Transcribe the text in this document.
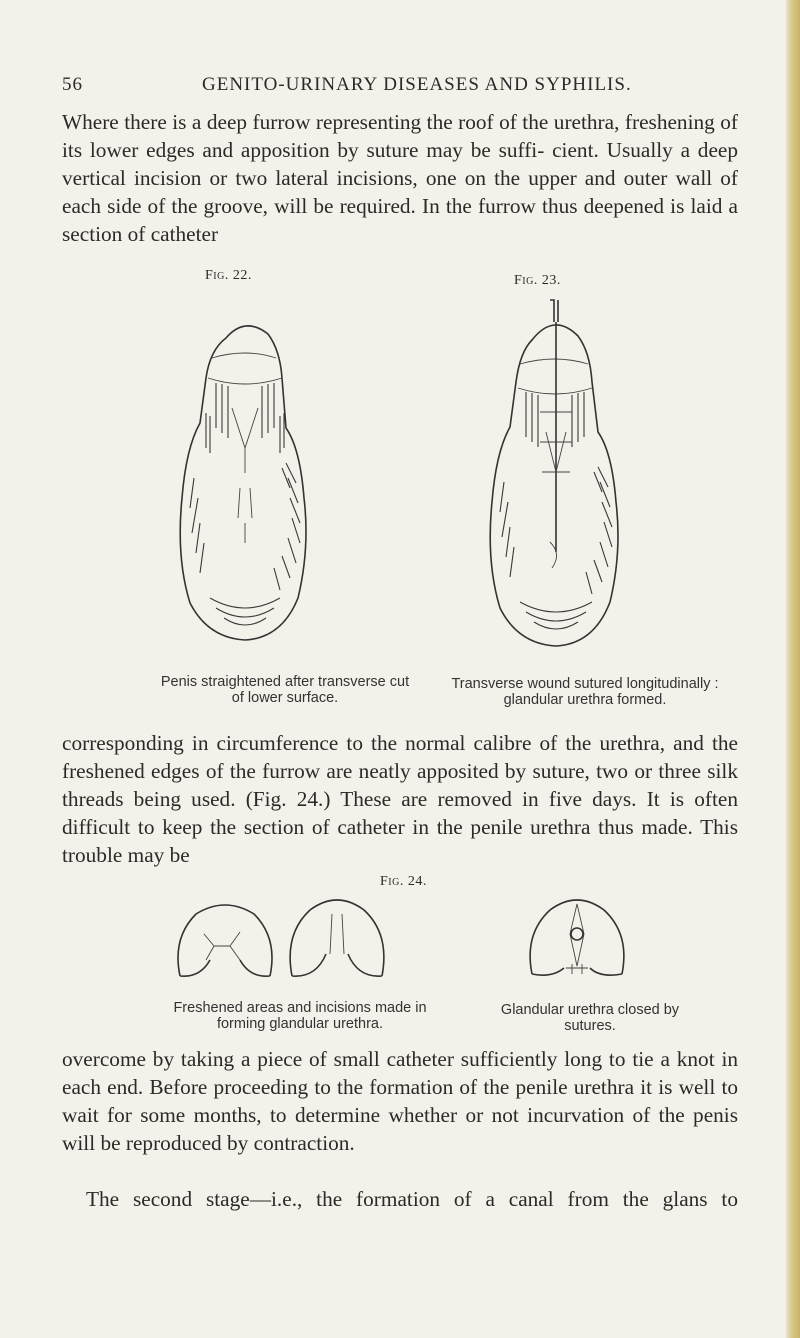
56	GENITO-URINARY DISEASES AND SYPHILIS.

Where there is a deep furrow representing the roof of the urethra, freshening of its lower edges and apposition by suture may be suffi- cient. Usually a deep vertical incision or two lateral incisions, one on the upper and outer wall of each side of the groove, will be required. In the furrow thus deepened is laid a section of catheter

Fig. 22.	Fig. 23.
Penis straightened after transverse cut
of lower surface.
Transverse wound sutured longitudinally :
glandular urethra formed.

corresponding in circumference to the normal calibre of the urethra, and the freshened edges of the furrow are neatly apposited by suture, two or three silk threads being used. (Fig. 24.) These are removed in five days. It is often difficult to keep the section of catheter in the penile urethra thus made. This trouble may be

Fig. 24.
Freshened areas and incisions made in
forming glandular urethra.
Glandular urethra closed by
sutures.

overcome by taking a piece of small catheter sufficiently long to tie a knot in each end. Before proceeding to the formation of the penile urethra it is well to wait for some months, to determine whether or not incurvation of the penis will be reproduced by contraction.

The second stage—i.e., the formation of a canal from the glans to
